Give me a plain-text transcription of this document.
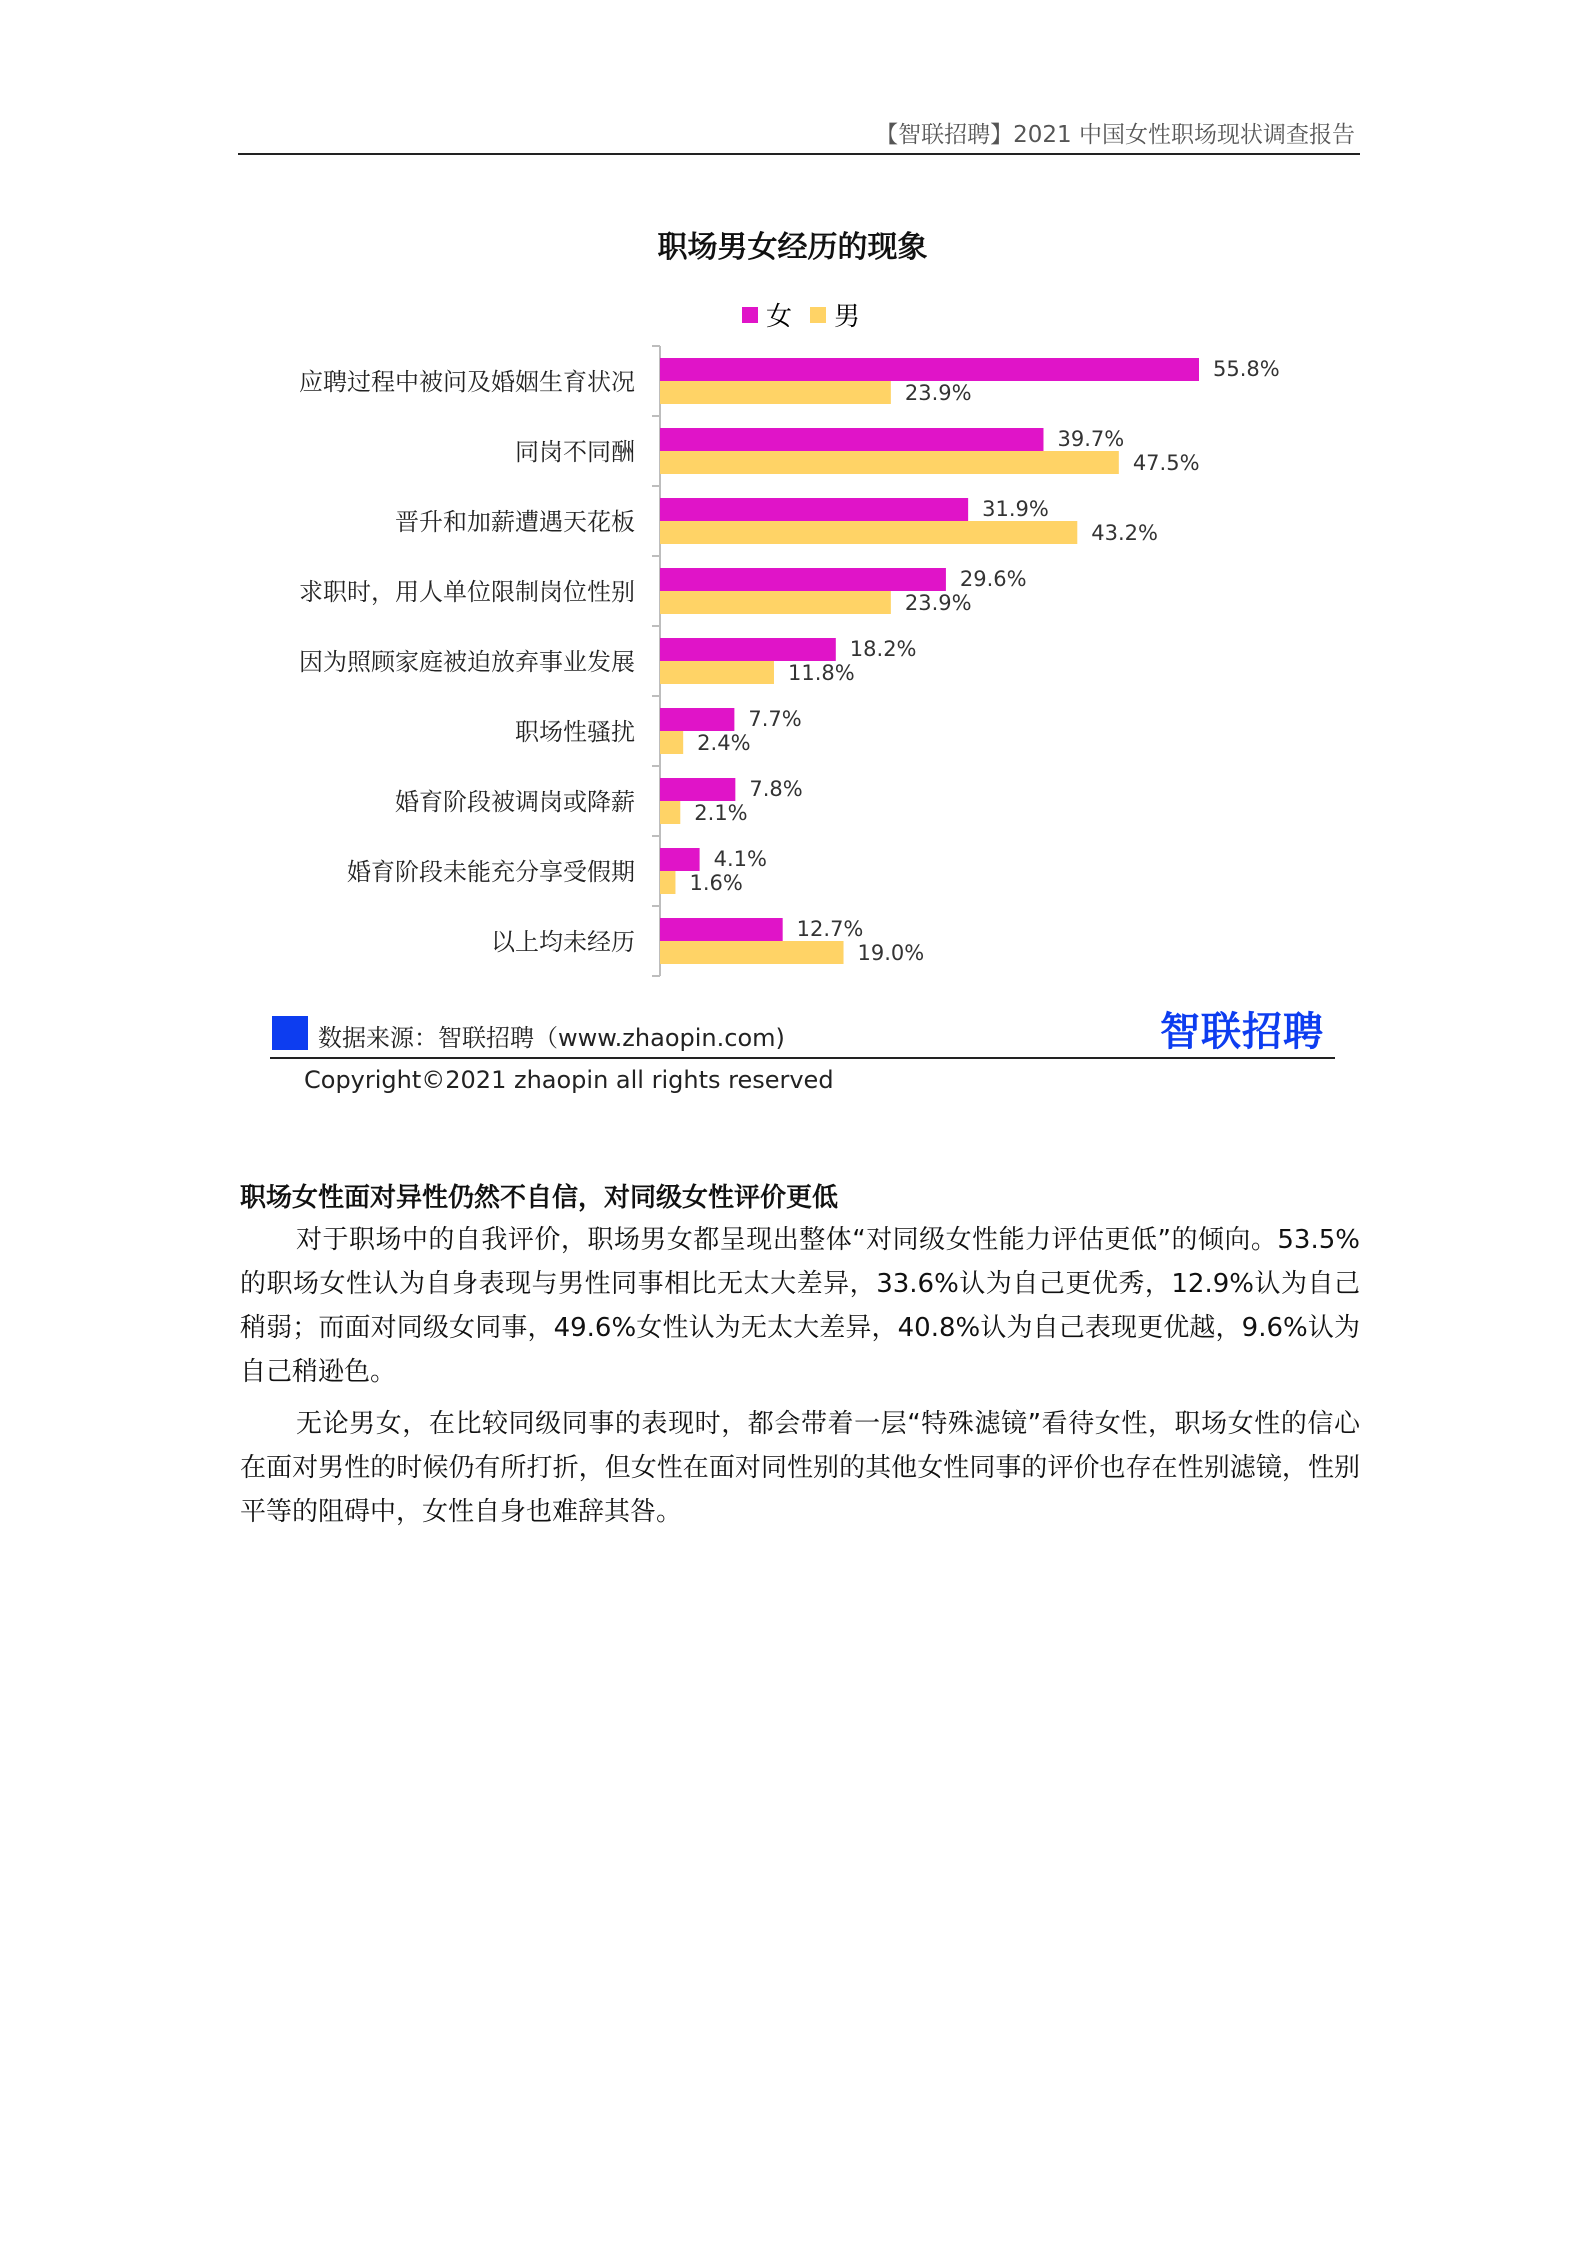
【智联招聘】2021 中国女性职场现状调查报告
职场男女经历的现象
女 男
应聘过程中被问及婚姻生育状况	55.8%
23.9%
同岗不同酬	39.7%
47.5%
晋升和加薪遭遇天花板	31.9%
43.2%
求职时，用人单位限制岗位性别	29.6%
23.9%
因为照顾家庭被迫放弃事业发展	18.2%
11.8%
职场性骚扰	7.7%
2.4%
婚育阶段被调岗或降薪	7.8%
2.1%
婚育阶段未能充分享受假期	4.1%
1.6%
以上均未经历	12.7%
19.0%
数据来源：智联招聘（www.zhaopin.com)	智联招聘
Copyright©2021 zhaopin all rights reserved
职场女性面对异性仍然不自信，对同级女性评价更低

对于职场中的自我评价，职场男女都呈现出整体“对同级女性能力评估更低”的倾向。53.5%的职场女性认为自身表现与男性同事相比无太大差异，33.6%认为自己更优秀，12.9%认为自己稍弱；而面对同级女同事，49.6%女性认为无太大差异，40.8%认为自己表现更优越，9.6%认为自己稍逊色。

无论男女，在比较同级同事的表现时，都会带着一层“特殊滤镜”看待女性，职场女性的信心在面对男性的时候仍有所打折，但女性在面对同性别的其他女性同事的评价也存在性别滤镜，性别平等的阻碍中，女性自身也难辞其咎。
